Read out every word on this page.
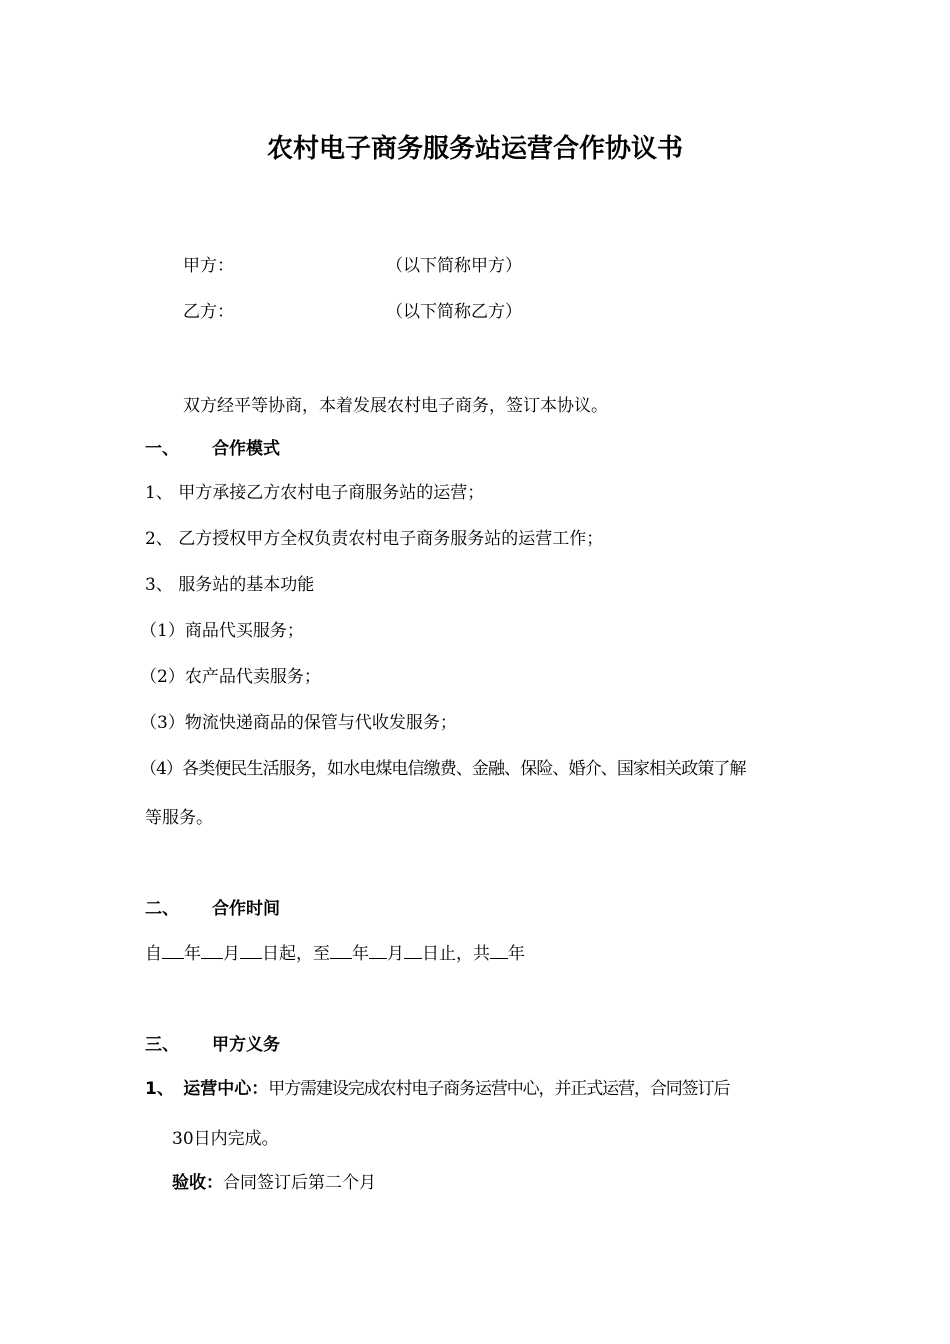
农村电子商务服务站运营合作协议书
甲方：	（以下简称甲方）
乙方：	（以下简称乙方）
双方经平等协商，本着发展农村电子商务，签订本协议。
一、 合作模式
1、 甲方承接乙方农村电子商服务站的运营；
2、 乙方授权甲方全权负责农村电子商务服务站的运营工作；
3、 服务站的基本功能
（1）商品代买服务；
（2）农产品代卖服务；
（3）物流快递商品的保管与代收发服务；
（4）各类便民生活服务，如水电煤电信缴费、金融、保险、婚介、国家相关政策了解
等服务。
二、 合作时间
自 年 月 日起，至 年 月 日止，共 年
三、 甲方义务
1、 运营中心：甲方需建设完成农村电子商务运营中心，并正式运营，合同签订后
30日内完成。
验收：合同签订后第二个月
